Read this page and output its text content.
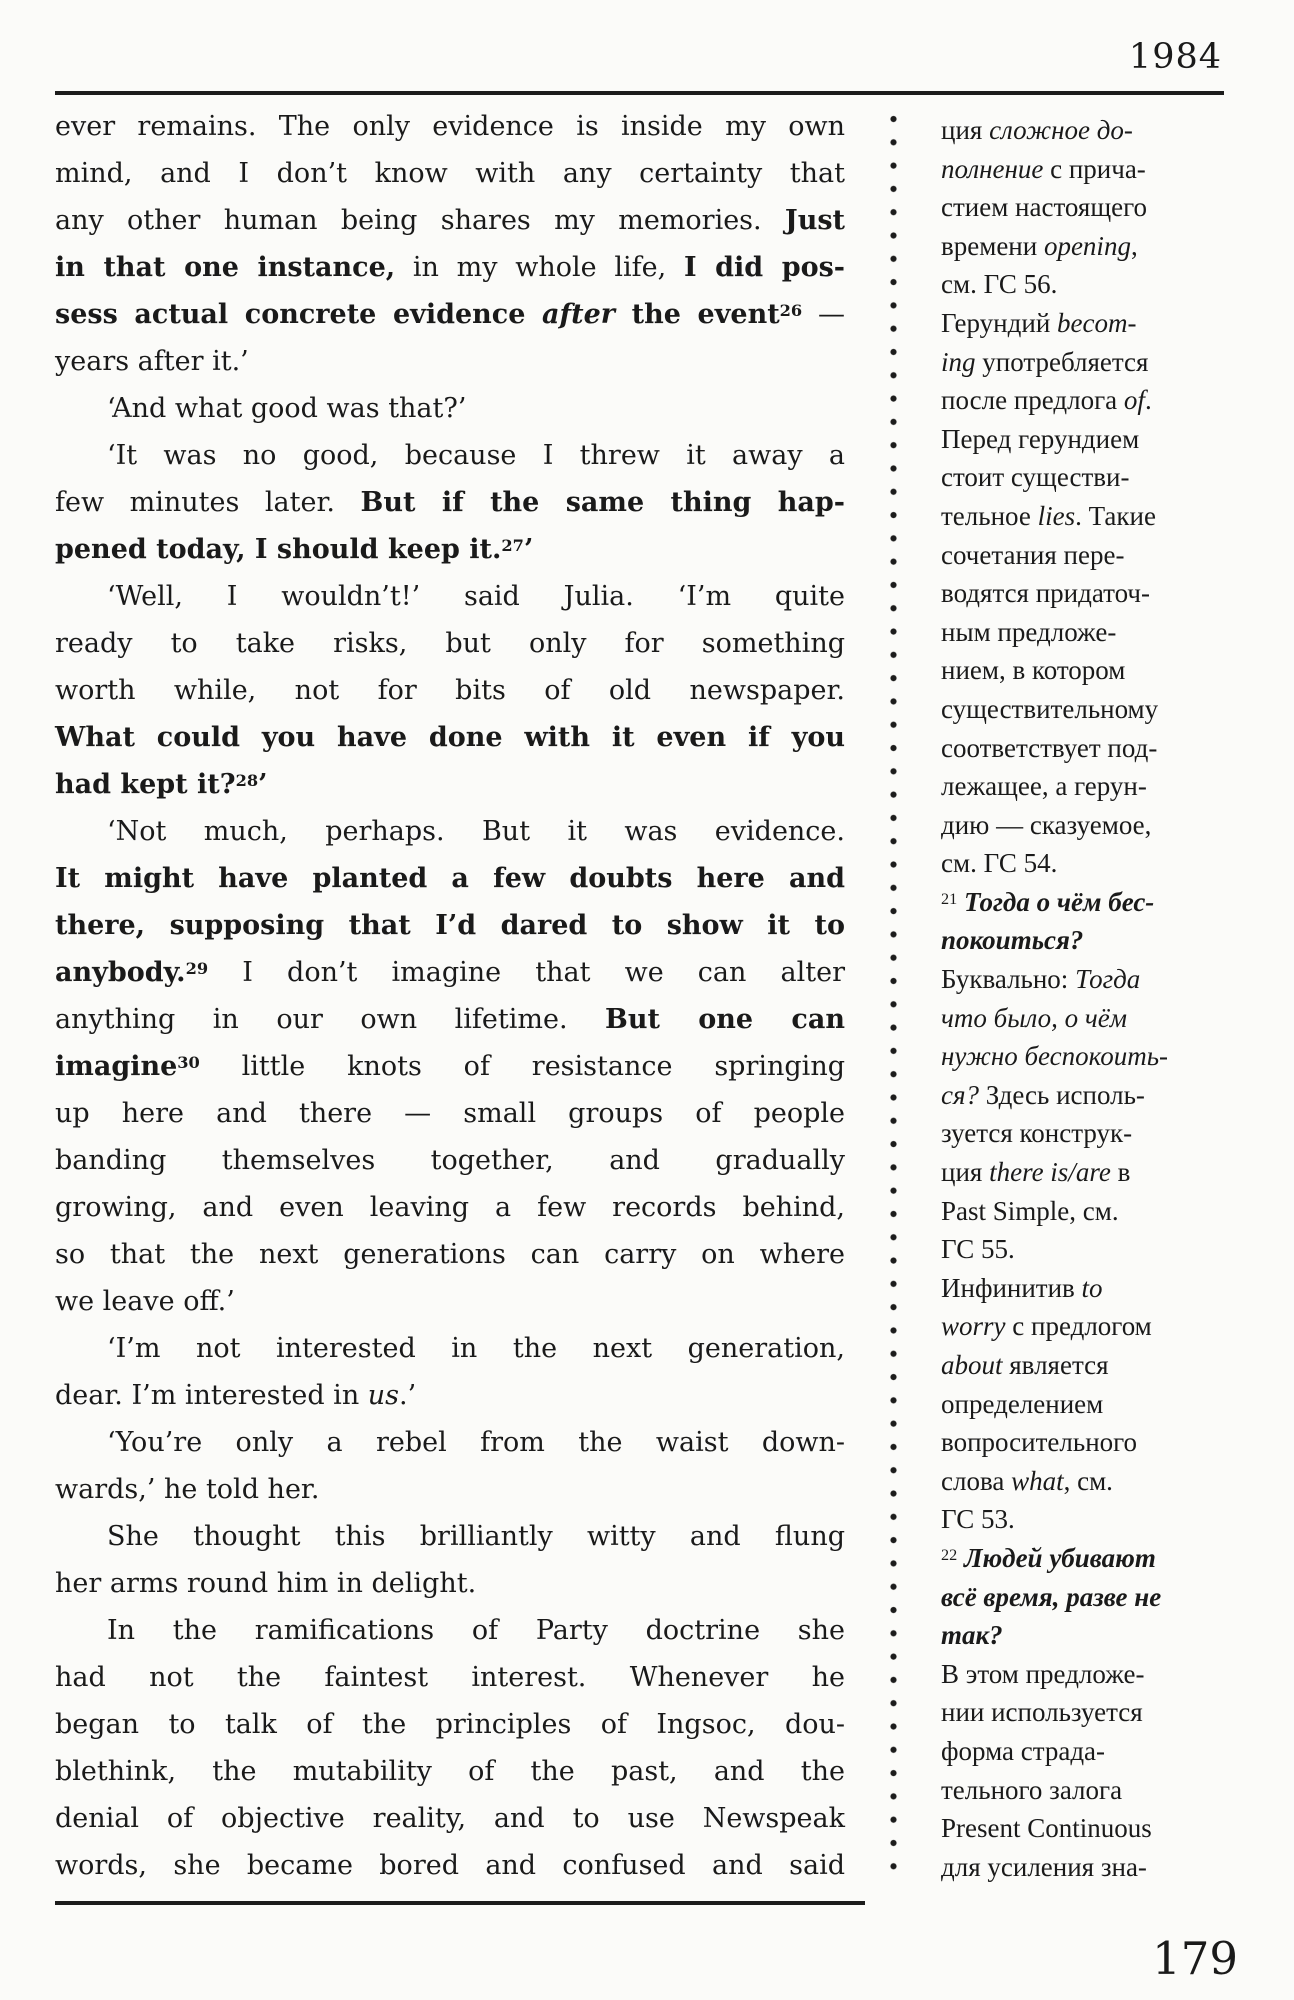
1984
ever remains. The only evidence is inside my own
mind, and I don’t know with any certainty that
any other human being shares my memories. Just
in that one instance, in my whole life, I did pos-
sess actual concrete evidence after the event$^{26}$ —
years after it.’
‘And what good was that?’
‘It was no good, because I threw it away a
few minutes later. But if the same thing hap-
pened today, I should keep it.$^{27}$’
‘Well, I wouldn’t!’ said Julia. ‘I’m quite
ready to take risks, but only for something
worth while, not for bits of old newspaper.
What could you have done with it even if you
had kept it?$^{28}$’
‘Not much, perhaps. But it was evidence.
It might have planted a few doubts here and
there, supposing that I’d dared to show it to
anybody.$^{29}$ I don’t imagine that we can alter
anything in our own lifetime. But one can
imagine$^{30}$ little knots of resistance springing
up here and there — small groups of people
banding themselves together, and gradually
growing, and even leaving a few records behind,
so that the next generations can carry on where
we leave off.’
‘I’m not interested in the next generation,
dear. I’m interested in us.’
‘You’re only a rebel from the waist down-
wards,’ he told her.
She thought this brilliantly witty and flung
her arms round him in delight.
In the ramifications of Party doctrine she
had not the faintest interest. Whenever he
began to talk of the principles of Ingsoc, dou-
blethink, the mutability of the past, and the
denial of objective reality, and to use Newspeak
words, she became bored and confused and said
ция сложное до-
полнение с прича-
стием настоящего
времени opening,
см. ГС 56.
Герундий becom-
ing употребляется
после предлога of.
Перед герундием
стоит существи-
тельное lies. Такие
сочетания пере-
водятся придаточ-
ным предложе-
нием, в котором
существительному
соответствует под-
лежащее, а герун-
дию — сказуемое,
см. ГС 54.
$^{21}$ Тогда о чём бес-
покоиться?
Буквально: Тогда
что было, о чём
нужно беспокоить-
ся? Здесь исполь-
зуется конструк-
ция there is/are в
Past Simple, см.
ГС 55.
Инфинитив to
worry с предлогом
about является
определением
вопросительного
слова what, см.
ГС 53.
$^{22}$ Людей убивают
всё время, разве не
так?
В этом предложе-
нии используется
форма страда-
тельного залога
Present Continuous
для усиления зна-
179
